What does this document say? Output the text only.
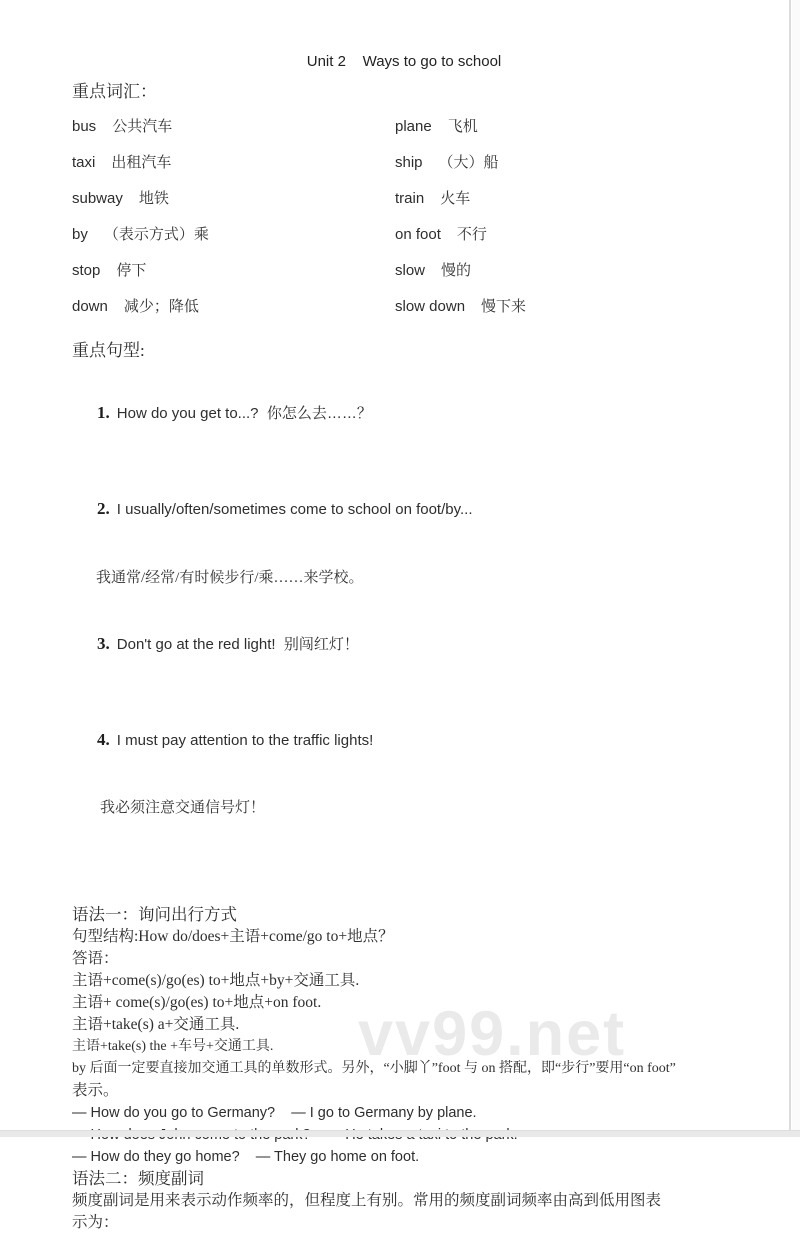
vv99.net
Unit 2    Ways to go to school
重点词汇：
bus 公共汽车	plane 飞机
taxi 出租汽车	ship （大）船
subway 地铁	train 火车
by （表示方式）乘	on foot 不行
stop 停下	slow 慢的
down 减少；降低	slow down 慢下来
重点句型:

1. How do you get to...?  你怎么去……？

2. I usually/often/sometimes come to school on foot/by...

我通常/经常/有时候步行/乘……来学校。

3. Don't go at the red light!  别闯红灯！

4. I must pay attention to the traffic lights!

我必须注意交通信号灯！
语法一：询问出行方式
句型结构:How do/does+主语+come/go to+地点？
答语：
主语+come(s)/go(es) to+地点+by+交通工具.
主语+ come(s)/go(es) to+地点+on foot.
主语+take(s) a+交通工具.
主语+take(s) the +车号+交通工具.
by 后面一定要直接加交通工具的单数形式。另外，“小脚丫”foot 与 on 搭配，即“步行”要用“on foot”
表示。
— How do you go to Germany?    — I go to Germany by plane.
— How do they go home?    — They go home on foot.
语法二：频度副词
频度副词是用来表示动作频率的，但程度上有别。常用的频度副词频率由高到低用图表
示为：
